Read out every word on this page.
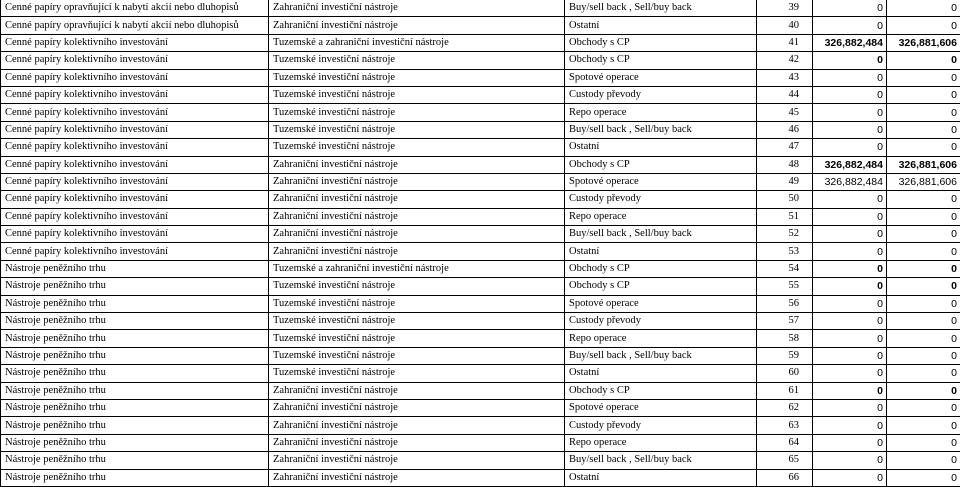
Cenné papíry opravňující k nabytí akcií nebo dluhopisů	Zahraniční investiční nástroje	Buy/sell back , Sell/buy back	39	0	0
Cenné papíry opravňující k nabytí akcií nebo dluhopisů	Zahraniční investiční nástroje	Ostatní	40	0	0
Cenné papíry kolektivního investování	Tuzemské a zahraniční investiční nástroje	Obchody s CP	41	326,882,484	326,881,606
Cenné papíry kolektivního investování	Tuzemské investiční nástroje	Obchody s CP	42	0	0
Cenné papíry kolektivního investování	Tuzemské investiční nástroje	Spotové operace	43	0	0
Cenné papíry kolektivního investování	Tuzemské investiční nástroje	Custody převody	44	0	0
Cenné papíry kolektivního investování	Tuzemské investiční nástroje	Repo operace	45	0	0
Cenné papíry kolektivního investování	Tuzemské investiční nástroje	Buy/sell back , Sell/buy back	46	0	0
Cenné papíry kolektivního investování	Tuzemské investiční nástroje	Ostatní	47	0	0
Cenné papíry kolektivního investování	Zahraniční investiční nástroje	Obchody s CP	48	326,882,484	326,881,606
Cenné papíry kolektivního investování	Zahraniční investiční nástroje	Spotové operace	49	326,882,484	326,881,606
Cenné papíry kolektivního investování	Zahraniční investiční nástroje	Custody převody	50	0	0
Cenné papíry kolektivního investování	Zahraniční investiční nástroje	Repo operace	51	0	0
Cenné papíry kolektivního investování	Zahraniční investiční nástroje	Buy/sell back , Sell/buy back	52	0	0
Cenné papíry kolektivního investování	Zahraniční investiční nástroje	Ostatní	53	0	0
Nástroje peněžního trhu	Tuzemské a zahraniční investiční nástroje	Obchody s CP	54	0	0
Nástroje peněžního trhu	Tuzemské investiční nástroje	Obchody s CP	55	0	0
Nástroje peněžního trhu	Tuzemské investiční nástroje	Spotové operace	56	0	0
Nástroje peněžního trhu	Tuzemské investiční nástroje	Custody převody	57	0	0
Nástroje peněžního trhu	Tuzemské investiční nástroje	Repo operace	58	0	0
Nástroje peněžního trhu	Tuzemské investiční nástroje	Buy/sell back , Sell/buy back	59	0	0
Nástroje peněžního trhu	Tuzemské investiční nástroje	Ostatní	60	0	0
Nástroje peněžního trhu	Zahraniční investiční nástroje	Obchody s CP	61	0	0
Nástroje peněžního trhu	Zahraniční investiční nástroje	Spotové operace	62	0	0
Nástroje peněžního trhu	Zahraniční investiční nástroje	Custody převody	63	0	0
Nástroje peněžního trhu	Zahraniční investiční nástroje	Repo operace	64	0	0
Nástroje peněžního trhu	Zahraniční investiční nástroje	Buy/sell back , Sell/buy back	65	0	0
Nástroje peněžního trhu	Zahraniční investiční nástroje	Ostatní	66	0	0
